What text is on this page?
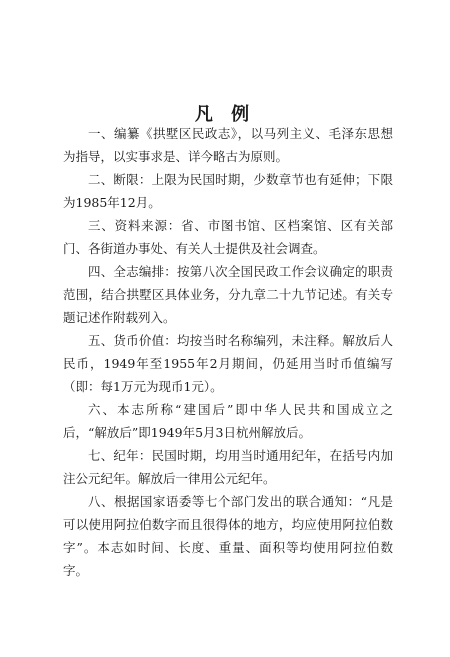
凡 例

一、编纂《拱墅区民政志》，以马列主义、毛泽东思想为指导，以实事求是、详今略古为原则。

二、断限：上限为民国时期，少数章节也有延伸；下限为1985年12月。

三、资料来源：省、市图书馆、区档案馆、区有关部门、各街道办事处、有关人士提供及社会调查。

四、全志编排：按第八次全国民政工作会议确定的职责范围，结合拱墅区具体业务，分九章二十九节记述。有关专题记述作附载列入。

五、货币价值：均按当时名称编列，未注释。解放后人民币，1949年至1955年2月期间，仍延用当时币值编写（即：每1万元为现币1元）。

六、本志所称“建国后”即中华人民共和国成立之后，“解放后”即1949年5月3日杭州解放后。

七、纪年：民国时期，均用当时通用纪年，在括号内加注公元纪年。解放后一律用公元纪年。

八、根据国家语委等七个部门发出的联合通知：“凡是可以使用阿拉伯数字而且很得体的地方，均应使用阿拉伯数字”。本志如时间、长度、重量、面积等均使用阿拉伯数字。
